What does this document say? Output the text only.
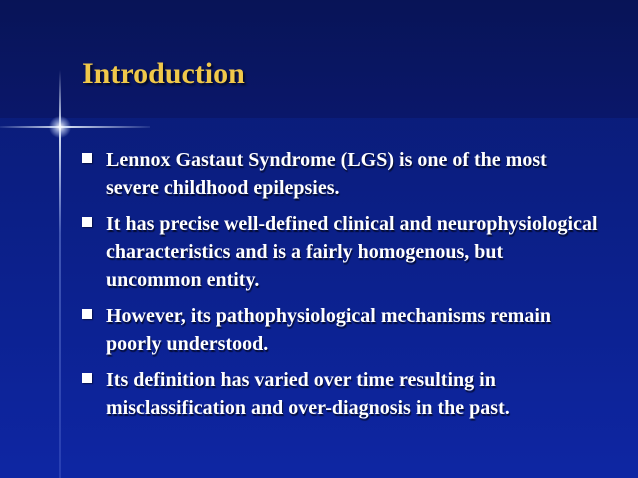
Introduction
Lennox Gastaut Syndrome (LGS) is one of the most severe childhood epilepsies.
It has precise well-defined clinical and neurophysiological characteristics and is a fairly homogenous, but uncommon entity.
However, its pathophysiological mechanisms remain poorly understood.
Its definition has varied over time resulting in misclassification and over-diagnosis in the past.
